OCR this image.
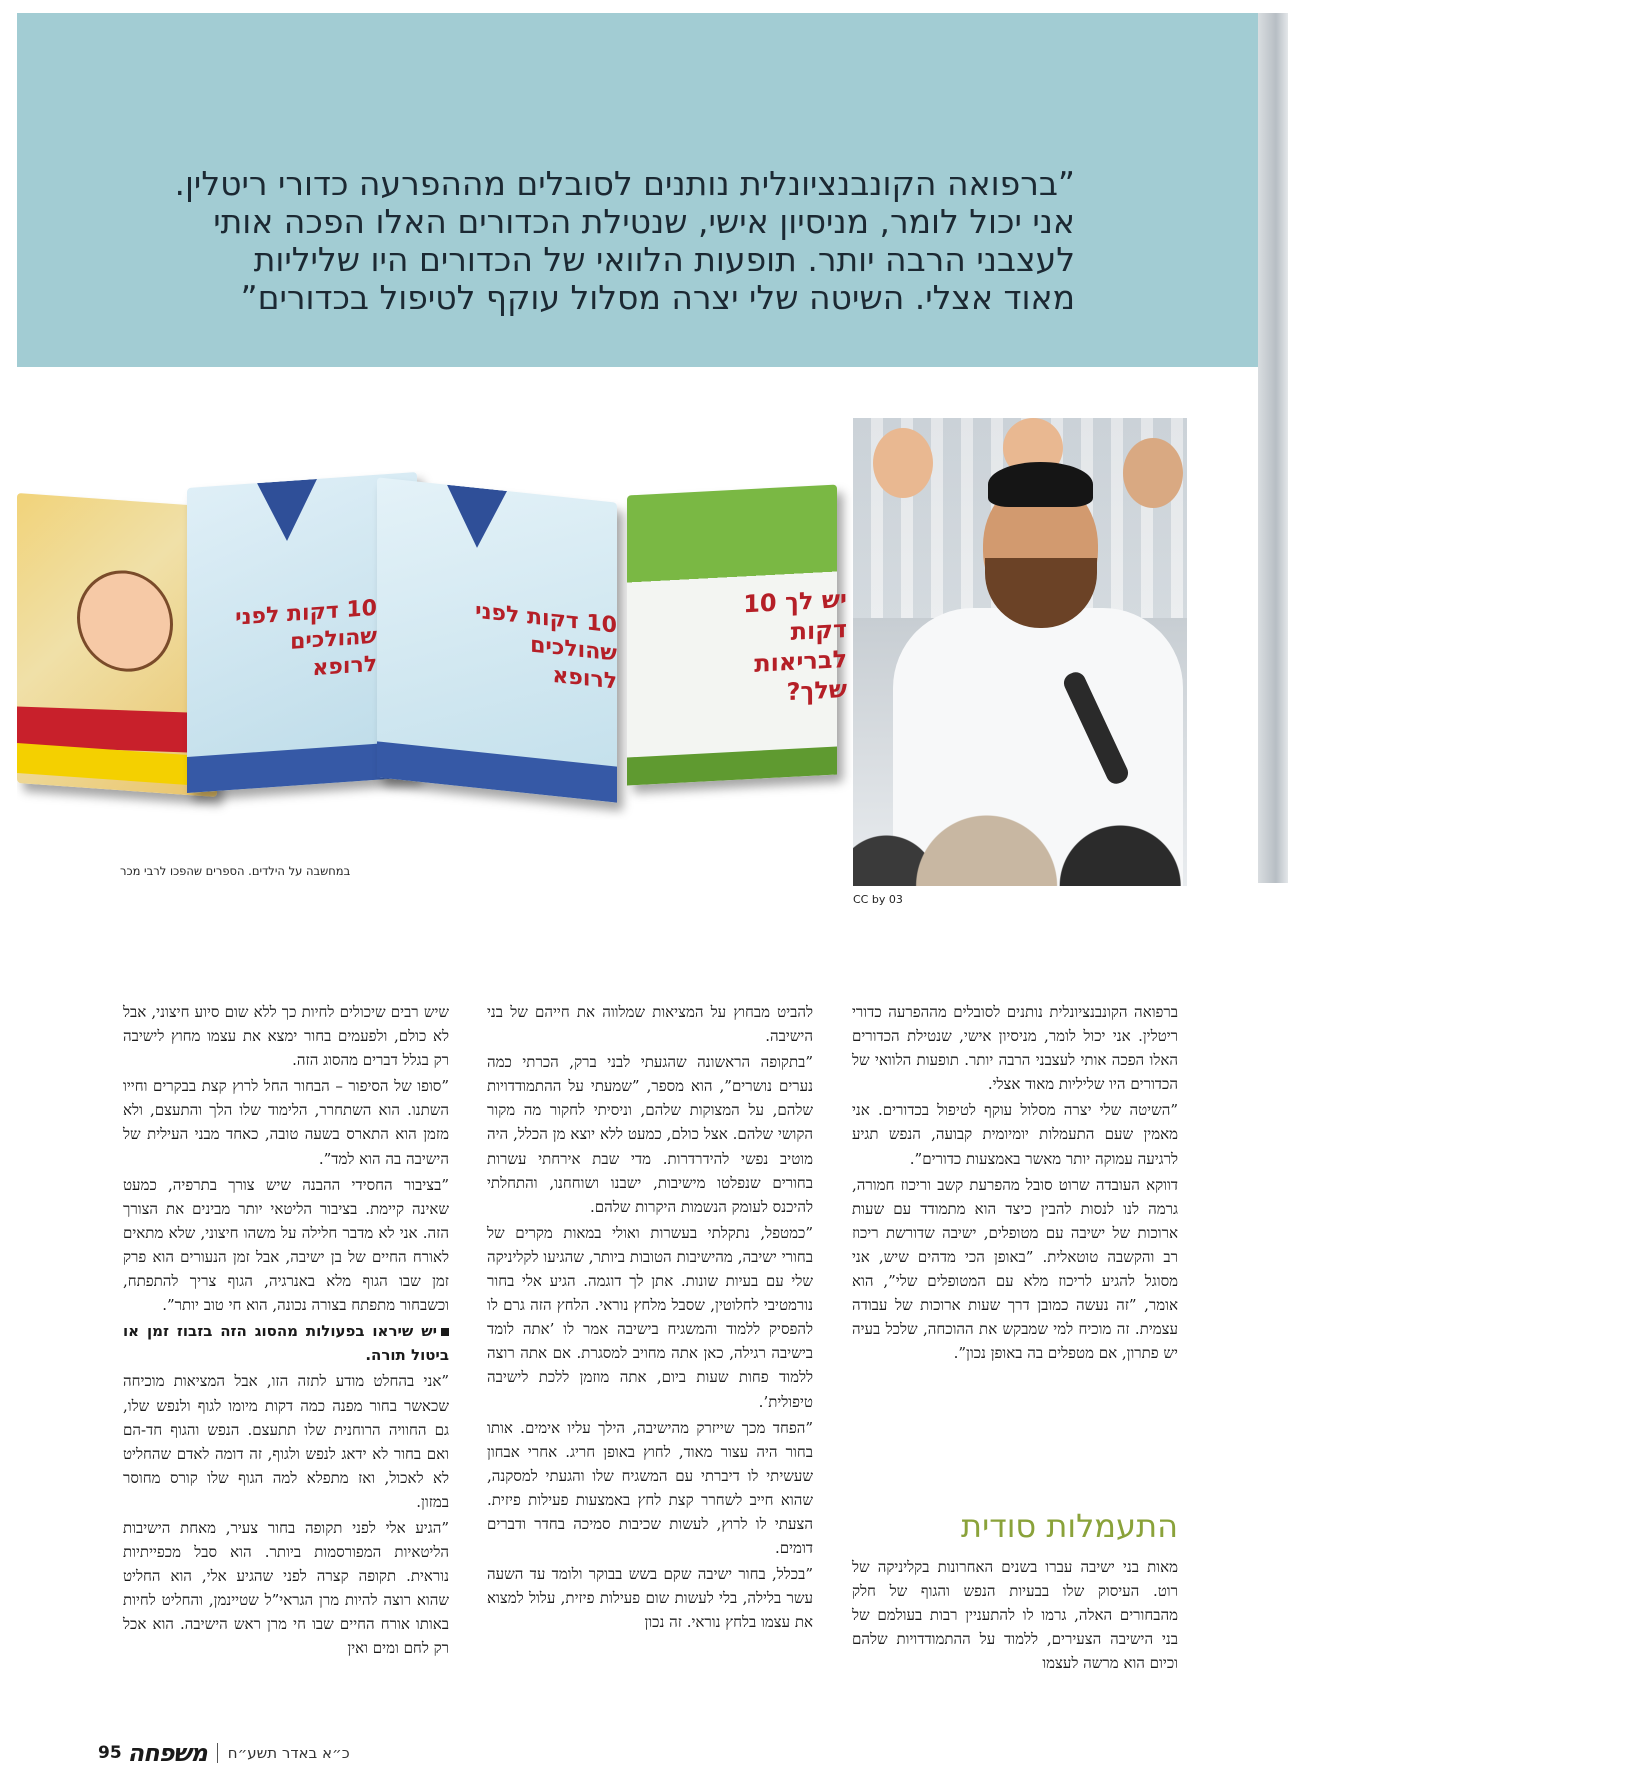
”ברפואה הקונבנציונלית נותנים לסובלים מההפרעה כדורי ריטלין.
אני יכול לומר, מניסיון אישי, שנטילת הכדורים האלו הפכה אותי
לעצבני הרבה יותר. תופעות הלוואי של הכדורים היו שליליות
מאוד אצלי. השיטה שלי יצרה מסלול עוקף לטיפול בכדורים”
10 דקות לפני שהולכים לרופא
10 דקות לפני שהולכים לרופא
יש לך 10 דקות לבריאות שלך?
במחשבה על הילדים. הספרים שהפכו לרבי מכר
CC by 03

ברפואה הקונבנציונלית נותנים לסובלים מההפרעה כדורי ריטלין. אני יכול לומר, מניסיון אישי, שנטילת הכדורים האלו הפכה אותי לעצבני הרבה יותר. תופעות הלוואי של הכדורים היו שליליות מאוד אצלי.

”השיטה שלי יצרה מסלול עוקף לטיפול בכדורים. אני מאמין שעם התעמלות יומיומית קבועה, הנפש תגיע לרגיעה עמוקה יותר מאשר באמצעות כדורים”.

דווקא העובדה שרוט סובל מהפרעת קשב וריכוז חמורה, גרמה לנו לנסות להבין כיצד הוא מתמודד עם שעות ארוכות של ישיבה עם מטופלים, ישיבה שדורשת ריכוז רב והקשבה טוטאלית. ”באופן הכי מדהים שיש, אני מסוגל להגיע לריכוז מלא עם המטופלים שלי”, הוא אומר, ”זה נעשה כמובן דרך שעות ארוכות של עבודה עצמית. זה מוכיח למי שמבקש את ההוכחה, שלכל בעיה יש פתרון, אם מטפלים בה באופן נכון”.

התעמלות סודית

מאות בני ישיבה עברו בשנים האחרונות בקליניקה של רוט. העיסוק שלו בבעיות הנפש והגוף של חלק מהבחורים האלה, גרמו לו להתעניין רבות בעולמם של בני הישיבה הצעירים, ללמוד על ההתמודדויות שלהם וכיום הוא מרשה לעצמו

להביט מבחוץ על המציאות שמלווה את חייהם של בני הישיבה.

”בתקופה הראשונה שהגעתי לבני ברק, הכרתי כמה נערים נושרים”, הוא מספר, ”שמעתי על ההתמודדויות שלהם, על המצוקות שלהם, וניסיתי לחקור מה מקור הקושי שלהם. אצל כולם, כמעט ללא יוצא מן הכלל, היה מוטיב נפשי להידרדרות. מדי שבת אירחתי עשרות בחורים שנפלטו מישיבות, ישבנו ושוחחנו, והתחלתי להיכנס לעומק הנשמות היקרות שלהם.

”כמטפל, נתקלתי בעשרות ואולי במאות מקרים של בחורי ישיבה, מהישיבות הטובות ביותר, שהגיעו לקליניקה שלי עם בעיות שונות. אתן לך דוגמה. הגיע אלי בחור נורמטיבי לחלוטין, שסבל מלחץ נוראי. הלחץ הזה גרם לו להפסיק ללמוד והמשגיח בישיבה אמר לו ’אתה לומד בישיבה רגילה, כאן אתה מחויב למסגרת. אם אתה רוצה ללמוד פחות שעות ביום, אתה מוזמן ללכת לישיבה טיפולית’.

”הפחד מכך שייזרק מהישיבה, הילך עליו אימים. אותו בחור היה עצור מאוד, לחוץ באופן חריג. אחרי אבחון שעשיתי לו דיברתי עם המשגיח שלו והגעתי למסקנה, שהוא חייב לשחרר קצת לחץ באמצעות פעילות פיזית. הצעתי לו לרוץ, לעשות שכיבות סמיכה בחדר ודברים דומים.

”בכלל, בחור ישיבה שקם בשש בבוקר ולומד עד השעה עשר בלילה, בלי לעשות שום פעילות פיזית, עלול למצוא את עצמו בלחץ נוראי. זה נכון

שיש רבים שיכולים לחיות כך ללא שום סיוע חיצוני, אבל לא כולם, ולפעמים בחור ימצא את עצמו מחוץ לישיבה רק בגלל דברים מהסוג הזה.

”סופו של הסיפור – הבחור החל לרוץ קצת בבקרים וחייו השתנו. הוא השתחרר, הלימוד שלו הלך והתעצם, ולא מזמן הוא התארס בשעה טובה, כאחד מבני העילית של הישיבה בה הוא למד”.

”בציבור החסידי ההבנה שיש צורך בתרפיה, כמעט שאינה קיימת. בציבור הליטאי יותר מבינים את הצורך הזה. אני לא מדבר חלילה על משהו חיצוני, שלא מתאים לאורח החיים של בן ישיבה, אבל זמן הנעורים הוא פרק זמן שבו הגוף מלא באנרגיה, הגוף צריך להתפתח, וכשבחור מתפתח בצורה נכונה, הוא חי טוב יותר”.

יש שיראו בפעולות מהסוג הזה בזבוז זמן או ביטול תורה.

”אני בהחלט מודע לתזה הזו, אבל המציאות מוכיחה שכאשר בחור מפנה כמה דקות מיומו לגוף ולנפש שלו, גם החוויה הרוחנית שלו תתעצם. הנפש והגוף חד-הם ואם בחור לא ידאג לנפש ולגוף, זה דומה לאדם שהחליט לא לאכול, ואז מתפלא למה הגוף שלו קורס מחוסר במזון.

”הגיע אלי לפני תקופה בחור צעיר, מאחת הישיבות הליטאיות המפורסמות ביותר. הוא סבל מכפייתיות נוראית. תקופה קצרה לפני שהגיע אלי, הוא החליט שהוא רוצה להיות מרן הגראי”ל שטיינמן, והחליט לחיות באותו אורח החיים שבו חי מרן ראש הישיבה. הוא אכל רק לחם ומים ואין

95 משפחה כ״א באדר תשע״ח
